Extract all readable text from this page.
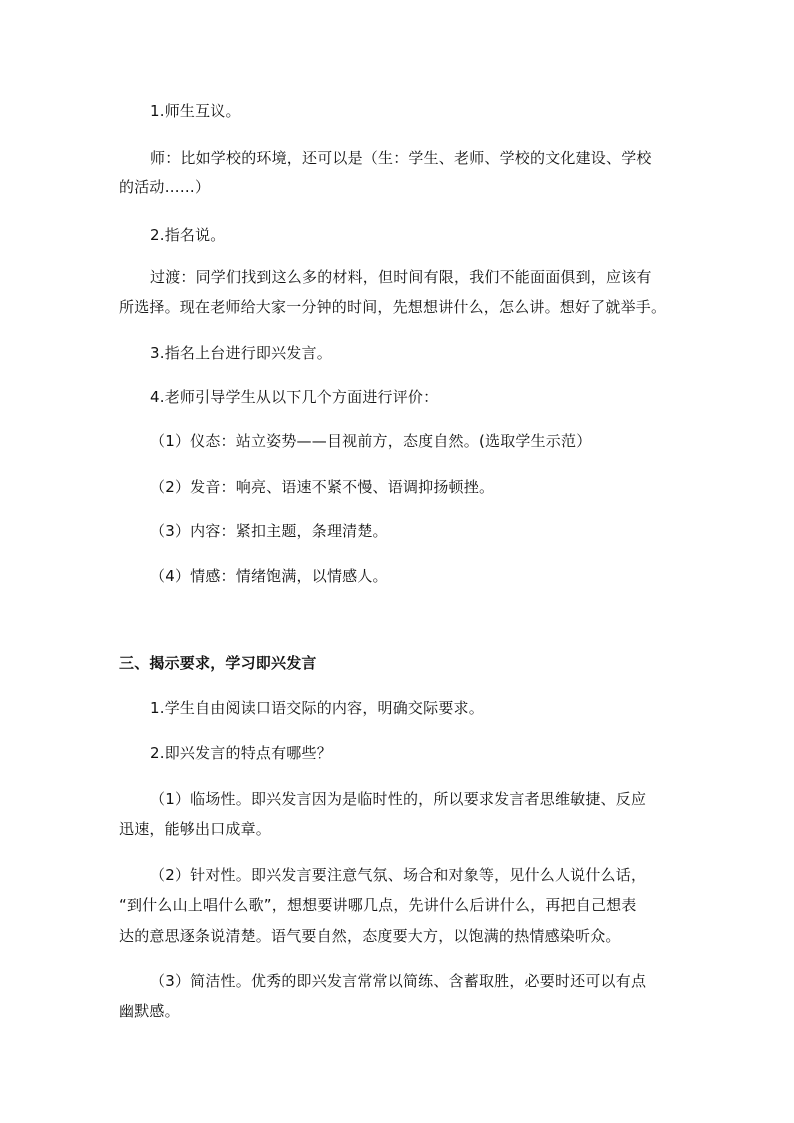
1.师生互议。
师：比如学校的环境，还可以是（生：学生、老师、学校的文化建设、学校
的活动……）
2.指名说。
过渡：同学们找到这么多的材料，但时间有限，我们不能面面俱到，应该有
所选择。现在老师给大家一分钟的时间，先想想讲什么，怎么讲。想好了就举手。
3.指名上台进行即兴发言。
4.老师引导学生从以下几个方面进行评价：
（1）仪态：站立姿势——目视前方，态度自然。(选取学生示范）
（2）发音：响亮、语速不紧不慢、语调抑扬顿挫。
（3）内容：紧扣主题，条理清楚。
（4）情感：情绪饱满，以情感人。
三、揭示要求，学习即兴发言
1.学生自由阅读口语交际的内容，明确交际要求。
2.即兴发言的特点有哪些？
（1）临场性。即兴发言因为是临时性的，所以要求发言者思维敏捷、反应
迅速，能够出口成章。
（2）针对性。即兴发言要注意气氛、场合和对象等，见什么人说什么话，
“到什么山上唱什么歌”，想想要讲哪几点，先讲什么后讲什么，再把自己想表
达的意思逐条说清楚。语气要自然，态度要大方，以饱满的热情感染听众。
（3）简洁性。优秀的即兴发言常常以简练、含蓄取胜，必要时还可以有点
幽默感。
